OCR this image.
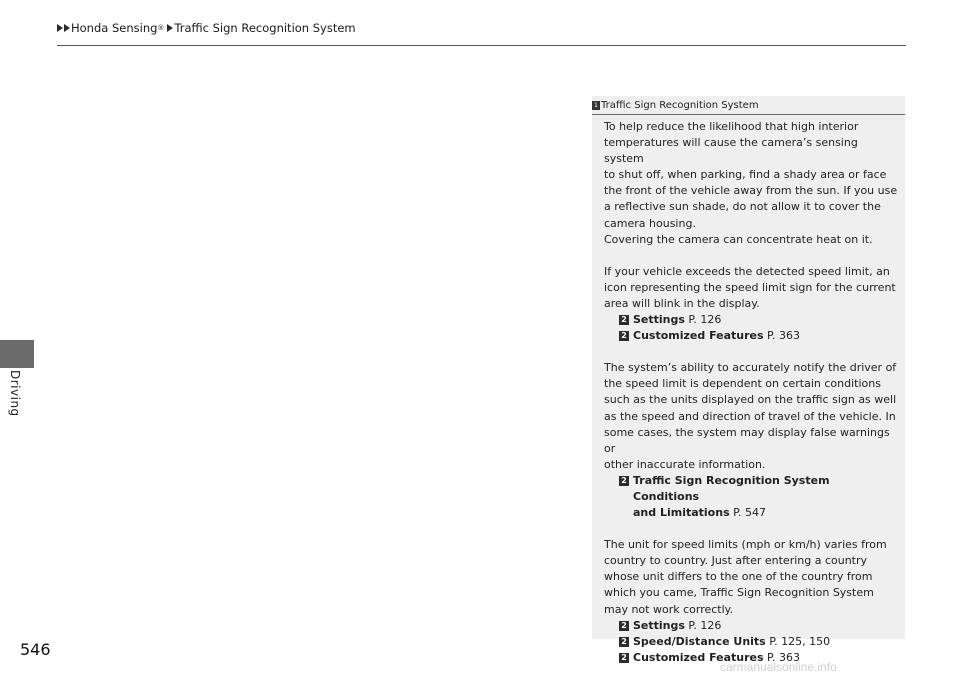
Honda Sensing ® Traffic Sign Recognition System
Driving
546
1 Traffic Sign Recognition System

To help reduce the likelihood that high interior

temperatures will cause the camera’s sensing system

to shut off, when parking, find a shady area or face

the front of the vehicle away from the sun. If you use

a reflective sun shade, do not allow it to cover the

camera housing.

Covering the camera can concentrate heat on it.

If your vehicle exceeds the detected speed limit, an

icon representing the speed limit sign for the current

area will blink in the display.

2 Settings P. 126

2 Customized Features P. 363

The system’s ability to accurately notify the driver of

the speed limit is dependent on certain conditions

such as the units displayed on the traffic sign as well

as the speed and direction of travel of the vehicle. In

some cases, the system may display false warnings or

other inaccurate information.

2 Traffic Sign Recognition System Conditions

and Limitations P. 547

The unit for speed limits (mph or km/h) varies from

country to country. Just after entering a country

whose unit differs to the one of the country from

which you came, Traffic Sign Recognition System

may not work correctly.

2 Settings P. 126

2 Speed/Distance Units P. 125, 150

2 Customized Features P. 363

carmanualsonline.info
